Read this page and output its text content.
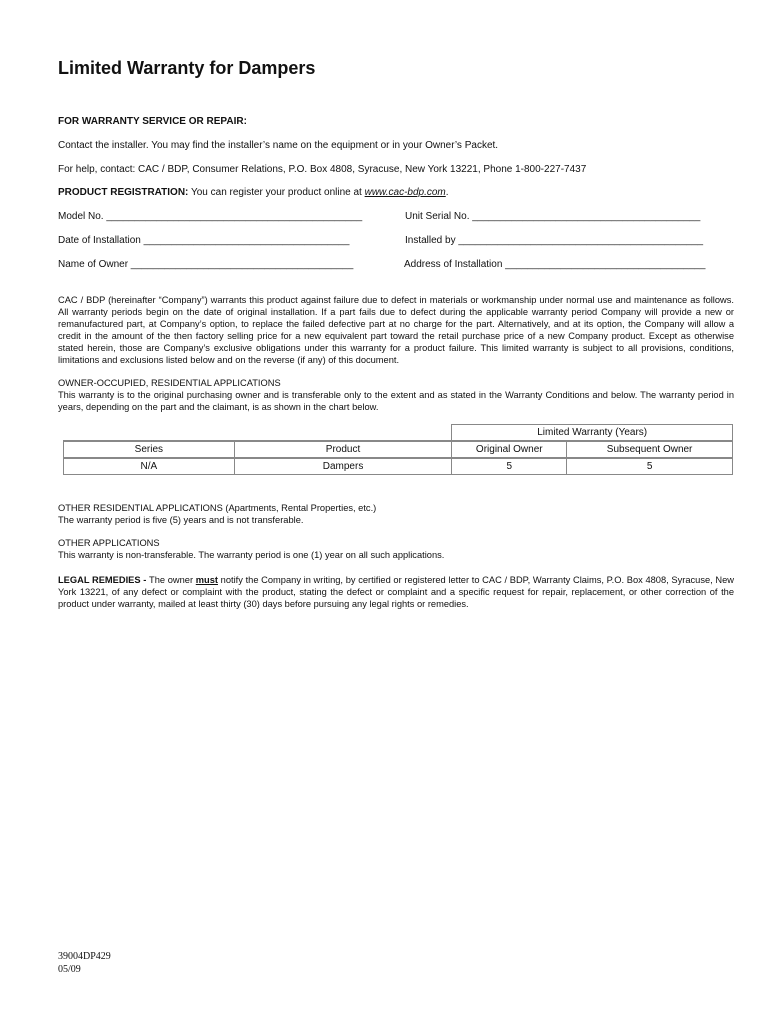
Limited Warranty for Dampers
FOR WARRANTY SERVICE OR REPAIR:
Contact the installer. You may find the installer’s name on the equipment or in your Owner’s Packet.
For help, contact: CAC / BDP, Consumer Relations, P.O. Box 4808, Syracuse, New York 13221, Phone 1-800-227-7437
PRODUCT REGISTRATION: You can register your product online at www.cac-bdp.com.
Model No. ______________________________________________	Unit Serial No. _________________________________________
Date of Installation _____________________________________	Installed by ____________________________________________
Name of Owner ________________________________________	Address of Installation ____________________________________

CAC / BDP (hereinafter “Company”) warrants this product against failure due to defect in materials or workmanship under normal use and maintenance as follows. All warranty periods begin on the date of original installation. If a part fails due to defect during the applicable warranty period Company will provide a new or remanufactured part, at Company’s option, to replace the failed defective part at no charge for the part. Alternatively, and at its option, the Company will allow a credit in the amount of the then factory selling price for a new equivalent part toward the retail purchase price of a new Company product. Except as otherwise stated herein, those are Company’s exclusive obligations under this warranty for a product failure. This limited warranty is subject to all provisions, conditions, limitations and exclusions listed below and on the reverse (if any) of this document.

OWNER-OCCUPIED, RESIDENTIAL APPLICATIONS

This warranty is to the original purchasing owner and is transferable only to the extent and as stated in the Warranty Conditions and below. The warranty period in years, depending on the part and the claimant, is as shown in the chart below.

		Limited Warranty (Years)	
Series	Product	Original Owner	Subsequent Owner
N/A	Dampers	5	5

OTHER RESIDENTIAL APPLICATIONS (Apartments, Rental Properties, etc.)

The warranty period is five (5) years and is not transferable.

OTHER APPLICATIONS

This warranty is non-transferable. The warranty period is one (1) year on all such applications.

LEGAL REMEDIES - The owner must notify the Company in writing, by certified or registered letter to CAC / BDP, Warranty Claims, P.O. Box 4808, Syracuse, New York 13221, of any defect or complaint with the product, stating the defect or complaint and a specific request for repair, replacement, or other correction of the product under warranty, mailed at least thirty (30) days before pursuing any legal rights or remedies.

39004DP429
05/09
